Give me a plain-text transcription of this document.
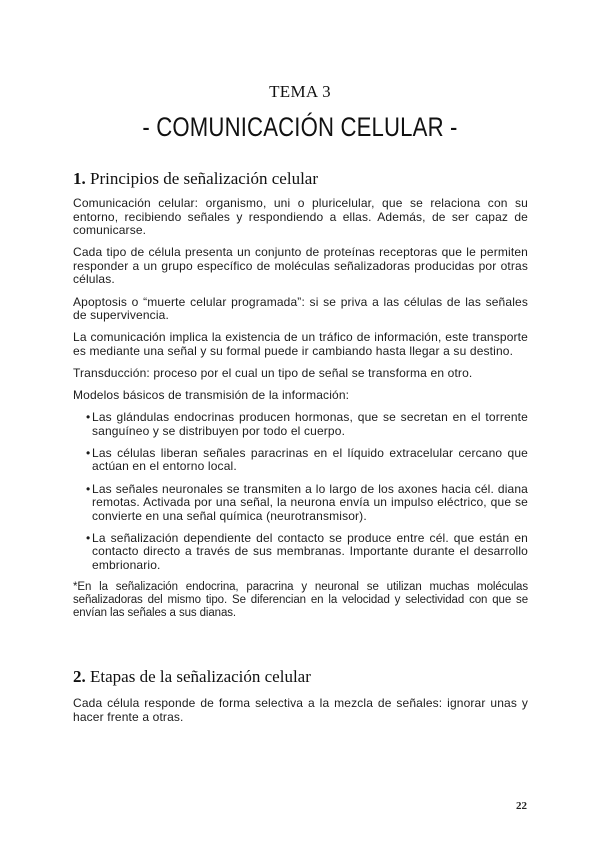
TEMA 3
- COMUNICACIÓN CELULAR -
1. Principios de señalización celular

Comunicación celular: organismo, uni o pluricelular, que se relaciona con su entorno, recibiendo señales y respondiendo a ellas. Además, de ser capaz de comunicarse.

Cada tipo de célula presenta un conjunto de proteínas receptoras que le permiten responder a un grupo específico de moléculas señalizadoras producidas por otras células.

Apoptosis o “muerte celular programada”: si se priva a las células de las señales de supervivencia.

La comunicación implica la existencia de un tráfico de información, este transporte es mediante una señal y su formal puede ir cambiando hasta llegar a su destino.

Transducción: proceso por el cual un tipo de señal se transforma en otro.

Modelos básicos de transmisión de la información:

• Las glándulas endocrinas producen hormonas, que se secretan en el torrente sanguíneo y se distribuyen por todo el cuerpo.
• Las células liberan señales paracrinas en el líquido extracelular cercano que actúan en el entorno local.
• Las señales neuronales se transmiten a lo largo de los axones hacia cél. diana remotas. Activada por una señal, la neurona envía un impulso eléctrico, que se convierte en una señal química (neurotransmisor).
• La señalización dependiente del contacto se produce entre cél. que están en contacto directo a través de sus membranas. Importante durante el desarrollo embrionario.

*En la señalización endocrina, paracrina y neuronal se utilizan muchas moléculas señalizadoras del mismo tipo. Se diferencian en la velocidad y selectividad con que se envían las señales a sus dianas.

2. Etapas de la señalización celular

Cada célula responde de forma selectiva a la mezcla de señales: ignorar unas y hacer frente a otras.

22
